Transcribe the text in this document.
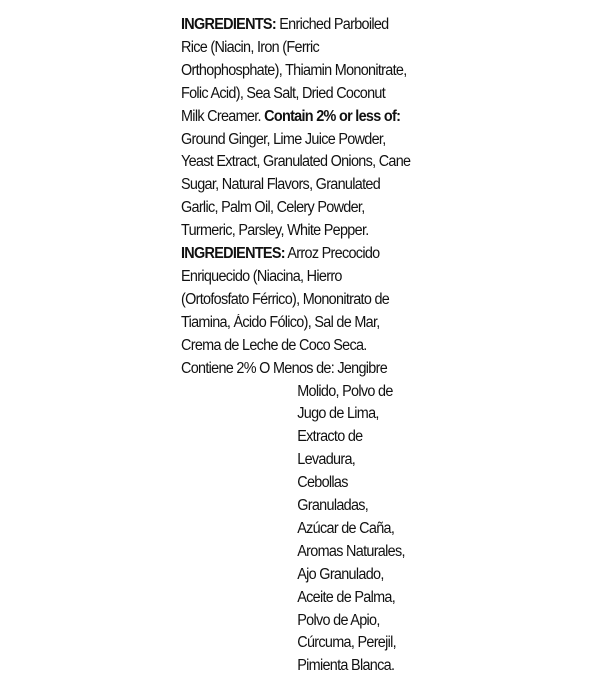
INGREDIENTS: Enriched Parboiled
Rice (Niacin, Iron (Ferric
Orthophosphate), Thiamin Mononitrate,
Folic Acid), Sea Salt, Dried Coconut
Milk Creamer. Contain 2% or less of:
Ground Ginger, Lime Juice Powder,
Yeast Extract, Granulated Onions, Cane
Sugar, Natural Flavors, Granulated
Garlic, Palm Oil, Celery Powder,
Turmeric, Parsley, White Pepper.
INGREDIENTES: Arroz Precocido
Enriquecido (Niacina, Hierro
(Ortofosfato Férrico), Mononitrato de
Tiamina, Ácido Fólico), Sal de Mar,
Crema de Leche de Coco Seca.
Contiene 2% O Menos de: Jengibre
Molido, Polvo de
Jugo de Lima,
Extracto de
Levadura,
Cebollas
Granuladas,
Azúcar de Caña,
Aromas Naturales,
Ajo Granulado,
Aceite de Palma,
Polvo de Apio,
Cúrcuma, Perejil,
Pimienta Blanca.
